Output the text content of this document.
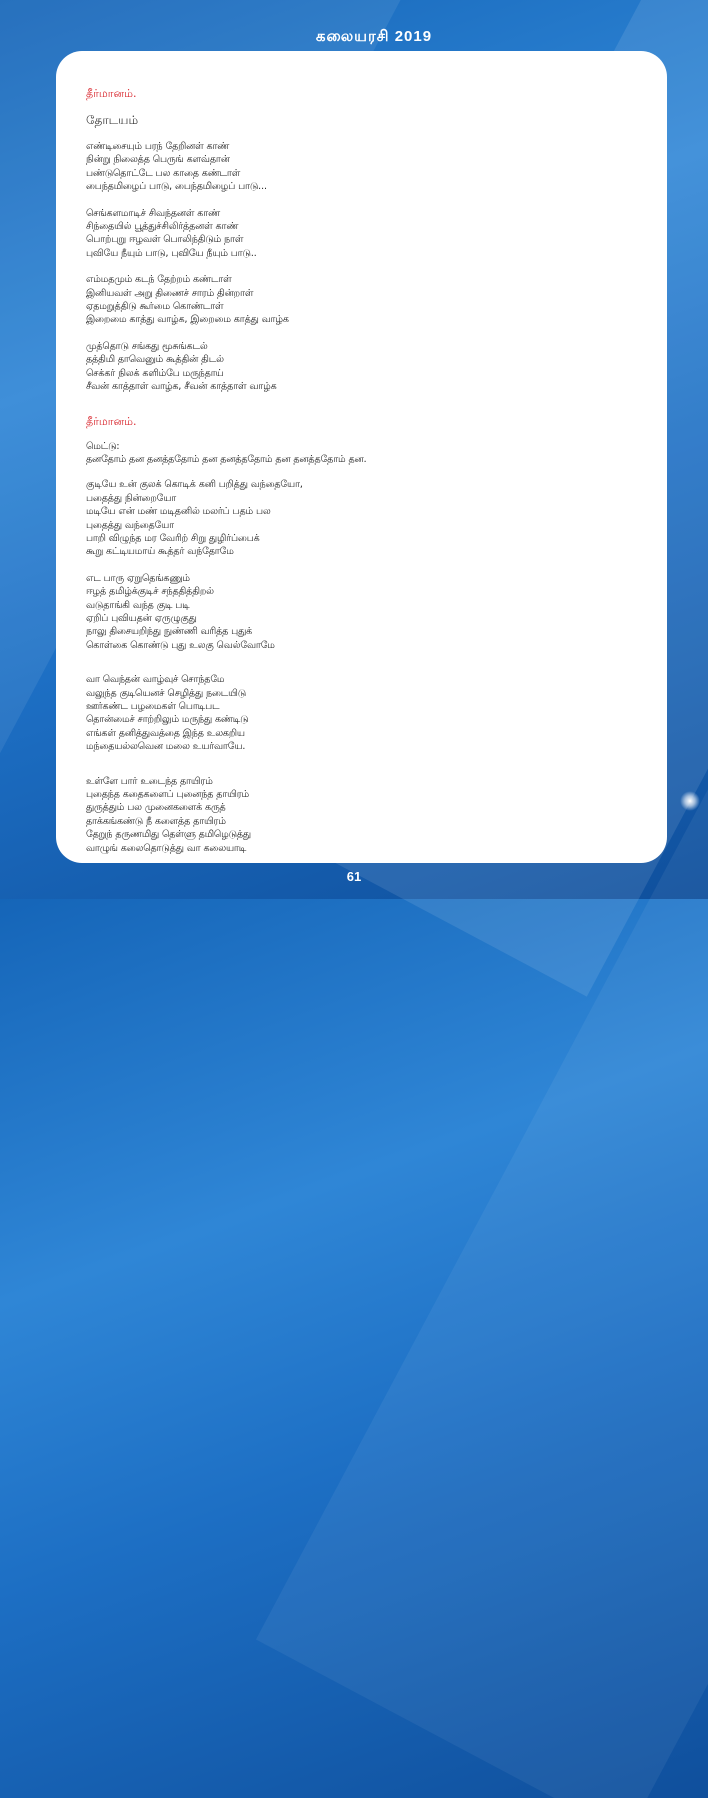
கலையரசி 2019
தீர்மானம்.
தோடயம்
எண்டிசையும் பரந் தேறினள் காண்
நின்று நிலைத்த பெருங் களவ்தான்
பண்டுதொட்டே பல காதை கண்டாள்
பைந்தமிழைப் பாடு, பைந்தமிழைப் பாடு...
செங்களமாடிச் சிவந்தனள் காண்
சிந்தையில் பூத்துச்சிலிர்த்தனள் காண்
பொற்புறு ஈழவள் பொலிந்திடும் நாள்
புவியே நீயும் பாடு, புவியே நீயும் பாடு..
எம்மதமும் கடந் தேற்றம் கண்டாள்
இனியவள் அறு திணைச் சாரம் தின்றாள்
ஏதமறுத்திடு கூர்மை கொண்டாள்
இறைமை காத்து வாழ்க, இறைமை காத்து வாழ்க
முத்தொடு சங்கது மூசுங்கடல்
தத்திமி தாவெனும் கூத்தின் திடல்
செக்கர் நிலக் களிம்பே மருந்தாய்
சீவன் காத்தாள் வாழ்க, சீவன் காத்தாள் வாழ்க
தீர்மானம்.
மெட்டு:
தனதோம் தன தனத்ததோம் தன தனத்ததோம் தன தனத்ததோம் தன.
குடியே உன் குலக் கொடிக் கனி பறித்து வந்தையோ,
பதைத்து நின்றையோ
மடியே என் மண் மடிதனில் மலர்ப் பதம் பல
புதைத்து வந்தையோ
பாறி விழுந்த மர வேரிற் சிறு துழிர்ப்பைக்
கூறு கட்டியமாய் கூத்தர் வந்தோமே
எட பாரு ஏறுதெங்கணும்
ஈழத் தமிழ்க்குடிச் சந்ததித்திறல்
வடுதாங்கி வந்த குடி படி
ஏறிப் புவியதன் ஏருழுகுது
நாலு திசையறிந்து நுண்ணி வரித்த புதுக்
கொள்கை கொண்டு புது உலகு வெல்வோமே
வா வெந்தன் வாழ்வுச் சொந்தமே
வலுந்த குடியெனச் செழித்து நடையிடு
ஊர்கண்ட பழமைகள் பொடிபட
தொன்மைச் சாற்றிலும் மருந்து கண்டிடு
எங்கள் தனித்துவத்தை இந்த உலகறிய
மந்தையல்லவென மலை உயர்வாயே.
உள்ளே பார் உடைந்த தாயிரம்
புதைந்த கதைகளைப் புனைந்த தாயிரம்
துருத்தும் பல முனைகளைக் கருத்
தாக்கங்கண்டு நீ களைத்த தாயிரம்
தேறுந் தருணமிது தெள்ளு தமிழெடுத்து
வாழுங் கலைதொடுத்து வா கலையாடி
61
